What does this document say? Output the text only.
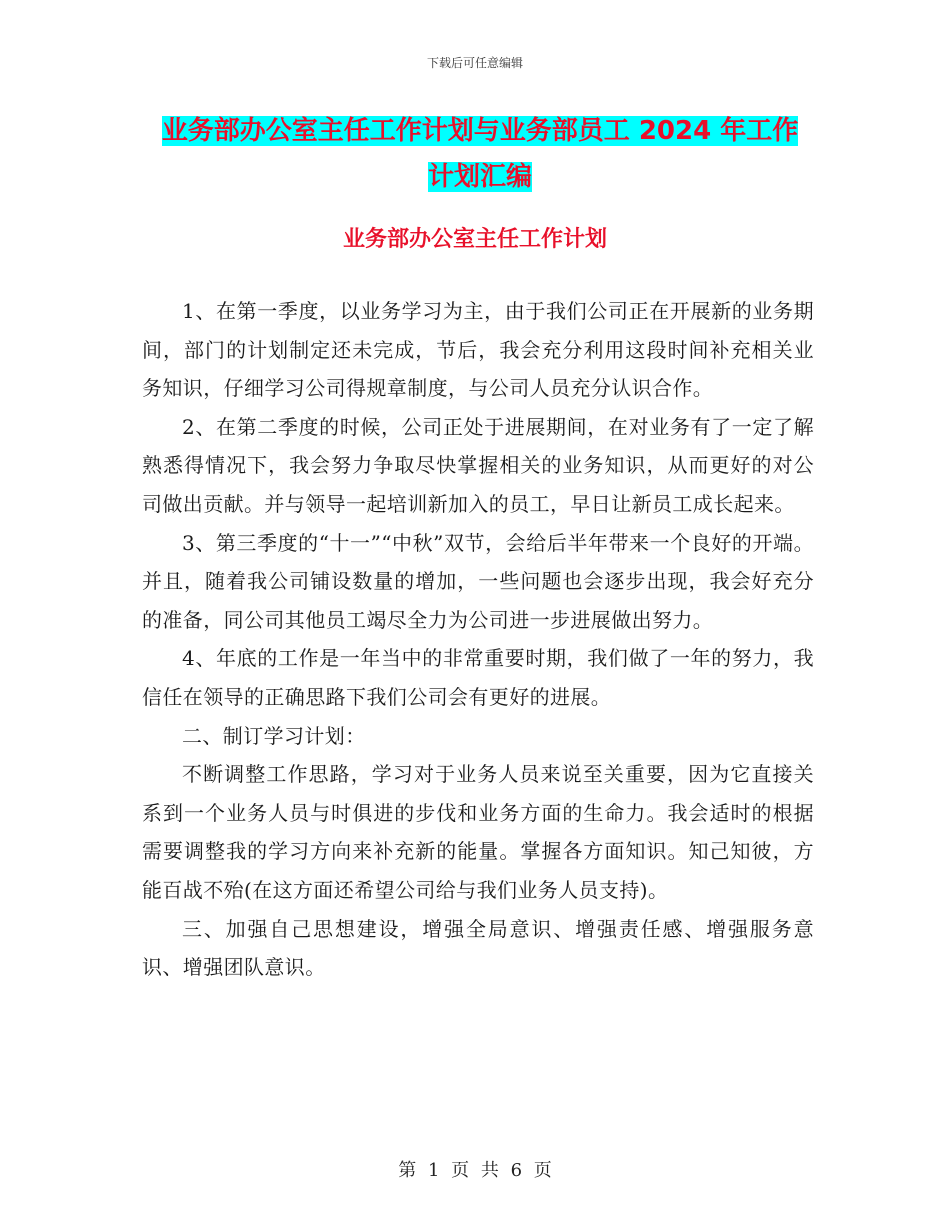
下载后可任意编辑
业务部办公室主任工作计划与业务部员工 2024 年工作
计划汇编
业务部办公室主任工作计划

1、在第一季度，以业务学习为主，由于我们公司正在开展新的业务期间，部门的计划制定还未完成，节后，我会充分利用这段时间补充相关业务知识，仔细学习公司得规章制度，与公司人员充分认识合作。

2、在第二季度的时候，公司正处于进展期间，在对业务有了一定了解熟悉得情况下，我会努力争取尽快掌握相关的业务知识，从而更好的对公司做出贡献。并与领导一起培训新加入的员工，早日让新员工成长起来。

3、第三季度的“十一”“中秋”双节，会给后半年带来一个良好的开端。并且，随着我公司铺设数量的增加，一些问题也会逐步出现，我会好充分的准备，同公司其他员工竭尽全力为公司进一步进展做出努力。

4、年底的工作是一年当中的非常重要时期，我们做了一年的努力，我信任在领导的正确思路下我们公司会有更好的进展。

二、制订学习计划：

不断调整工作思路，学习对于业务人员来说至关重要，因为它直接关系到一个业务人员与时俱进的步伐和业务方面的生命力。我会适时的根据需要调整我的学习方向来补充新的能量。掌握各方面知识。知己知彼，方能百战不殆(在这方面还希望公司给与我们业务人员支持)。

三、加强自己思想建设，增强全局意识、增强责任感、增强服务意识、增强团队意识。

第 1 页 共 6 页
